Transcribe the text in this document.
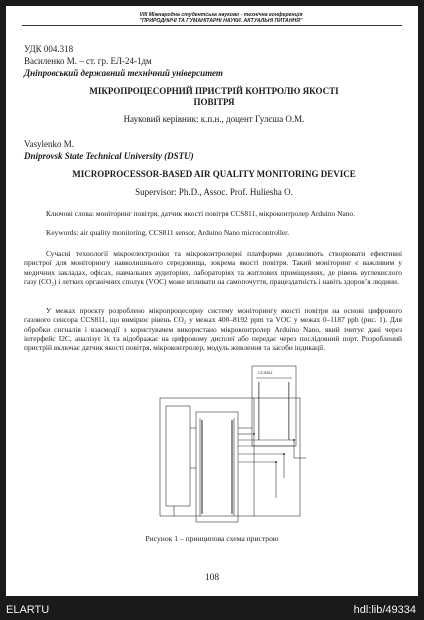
VIII Міжнародна студентська науково - технічна конференція
"ПРИРОДНИЧІ ТА ГУМАНІТАРНІ НАУКИ. АКТУАЛЬНІ ПИТАННЯ"
УДК 004.318
Василенко М. – ст. гр. ЕЛ-24-1дм
Дніпровський державний технічний університет
МІКРОПРОЦЕСОРНИЙ ПРИСТРІЙ КОНТРОЛЮ ЯКОСТІ
ПОВІТРЯ
Науковий керівник: к.п.н., доцент Гулєша О.М.
Vasylenko M.
Dniprovsk State Technical University (DSTU)
MICROPROCESSOR-BASED AIR QUALITY MONITORING DEVICE
Supervisor: Ph.D., Assoc. Prof. Huliesha O.
Ключові слова: моніторинг повітря, датчик якості повітря CCS811, мікроконтролер Arduino Nano.
Keywords: air quality monitoring, CCS811 sensor, Arduino Nano microcontroller.
Сучасні технології мікроелектроніки та мікроконтролерні платформи дозволяють створювати ефективні пристрої для моніторингу навколишнього середовища, зокрема якості повітря. Такий моніторинг є важливим у медичних закладах, офісах, навчальних аудиторіях, лабораторіях та житлових приміщеннях, де рівень вуглекислого газу (CO₂) і летких органічних сполук (VOC) може впливати на самопочуття, працездатність і навіть здоров’я людини.
У межах проєкту розроблено мікропроцесорну систему моніторингу якості повітря на основі цифрового газового сенсора CCS811, що вимірює рівень CO₂ у межах 400–8192 ppm та VOC у межах 0–1187 ppb (рис. 1). Для обробки сигналів і взаємодії з користувачем використано мікроконтролер Arduino Nano, який зчитує дані через інтерфейс I2C, аналізує їх та відображає на цифровому дисплеї або передає через послідовний порт. Розроблений пристрій включає датчик якості повітря, мікроконтролер, модуль живлення та засоби індикації.
CCS811
Рисунок 1 – принципова схема пристрою
108
ELARTU	hdl:lib/49334
